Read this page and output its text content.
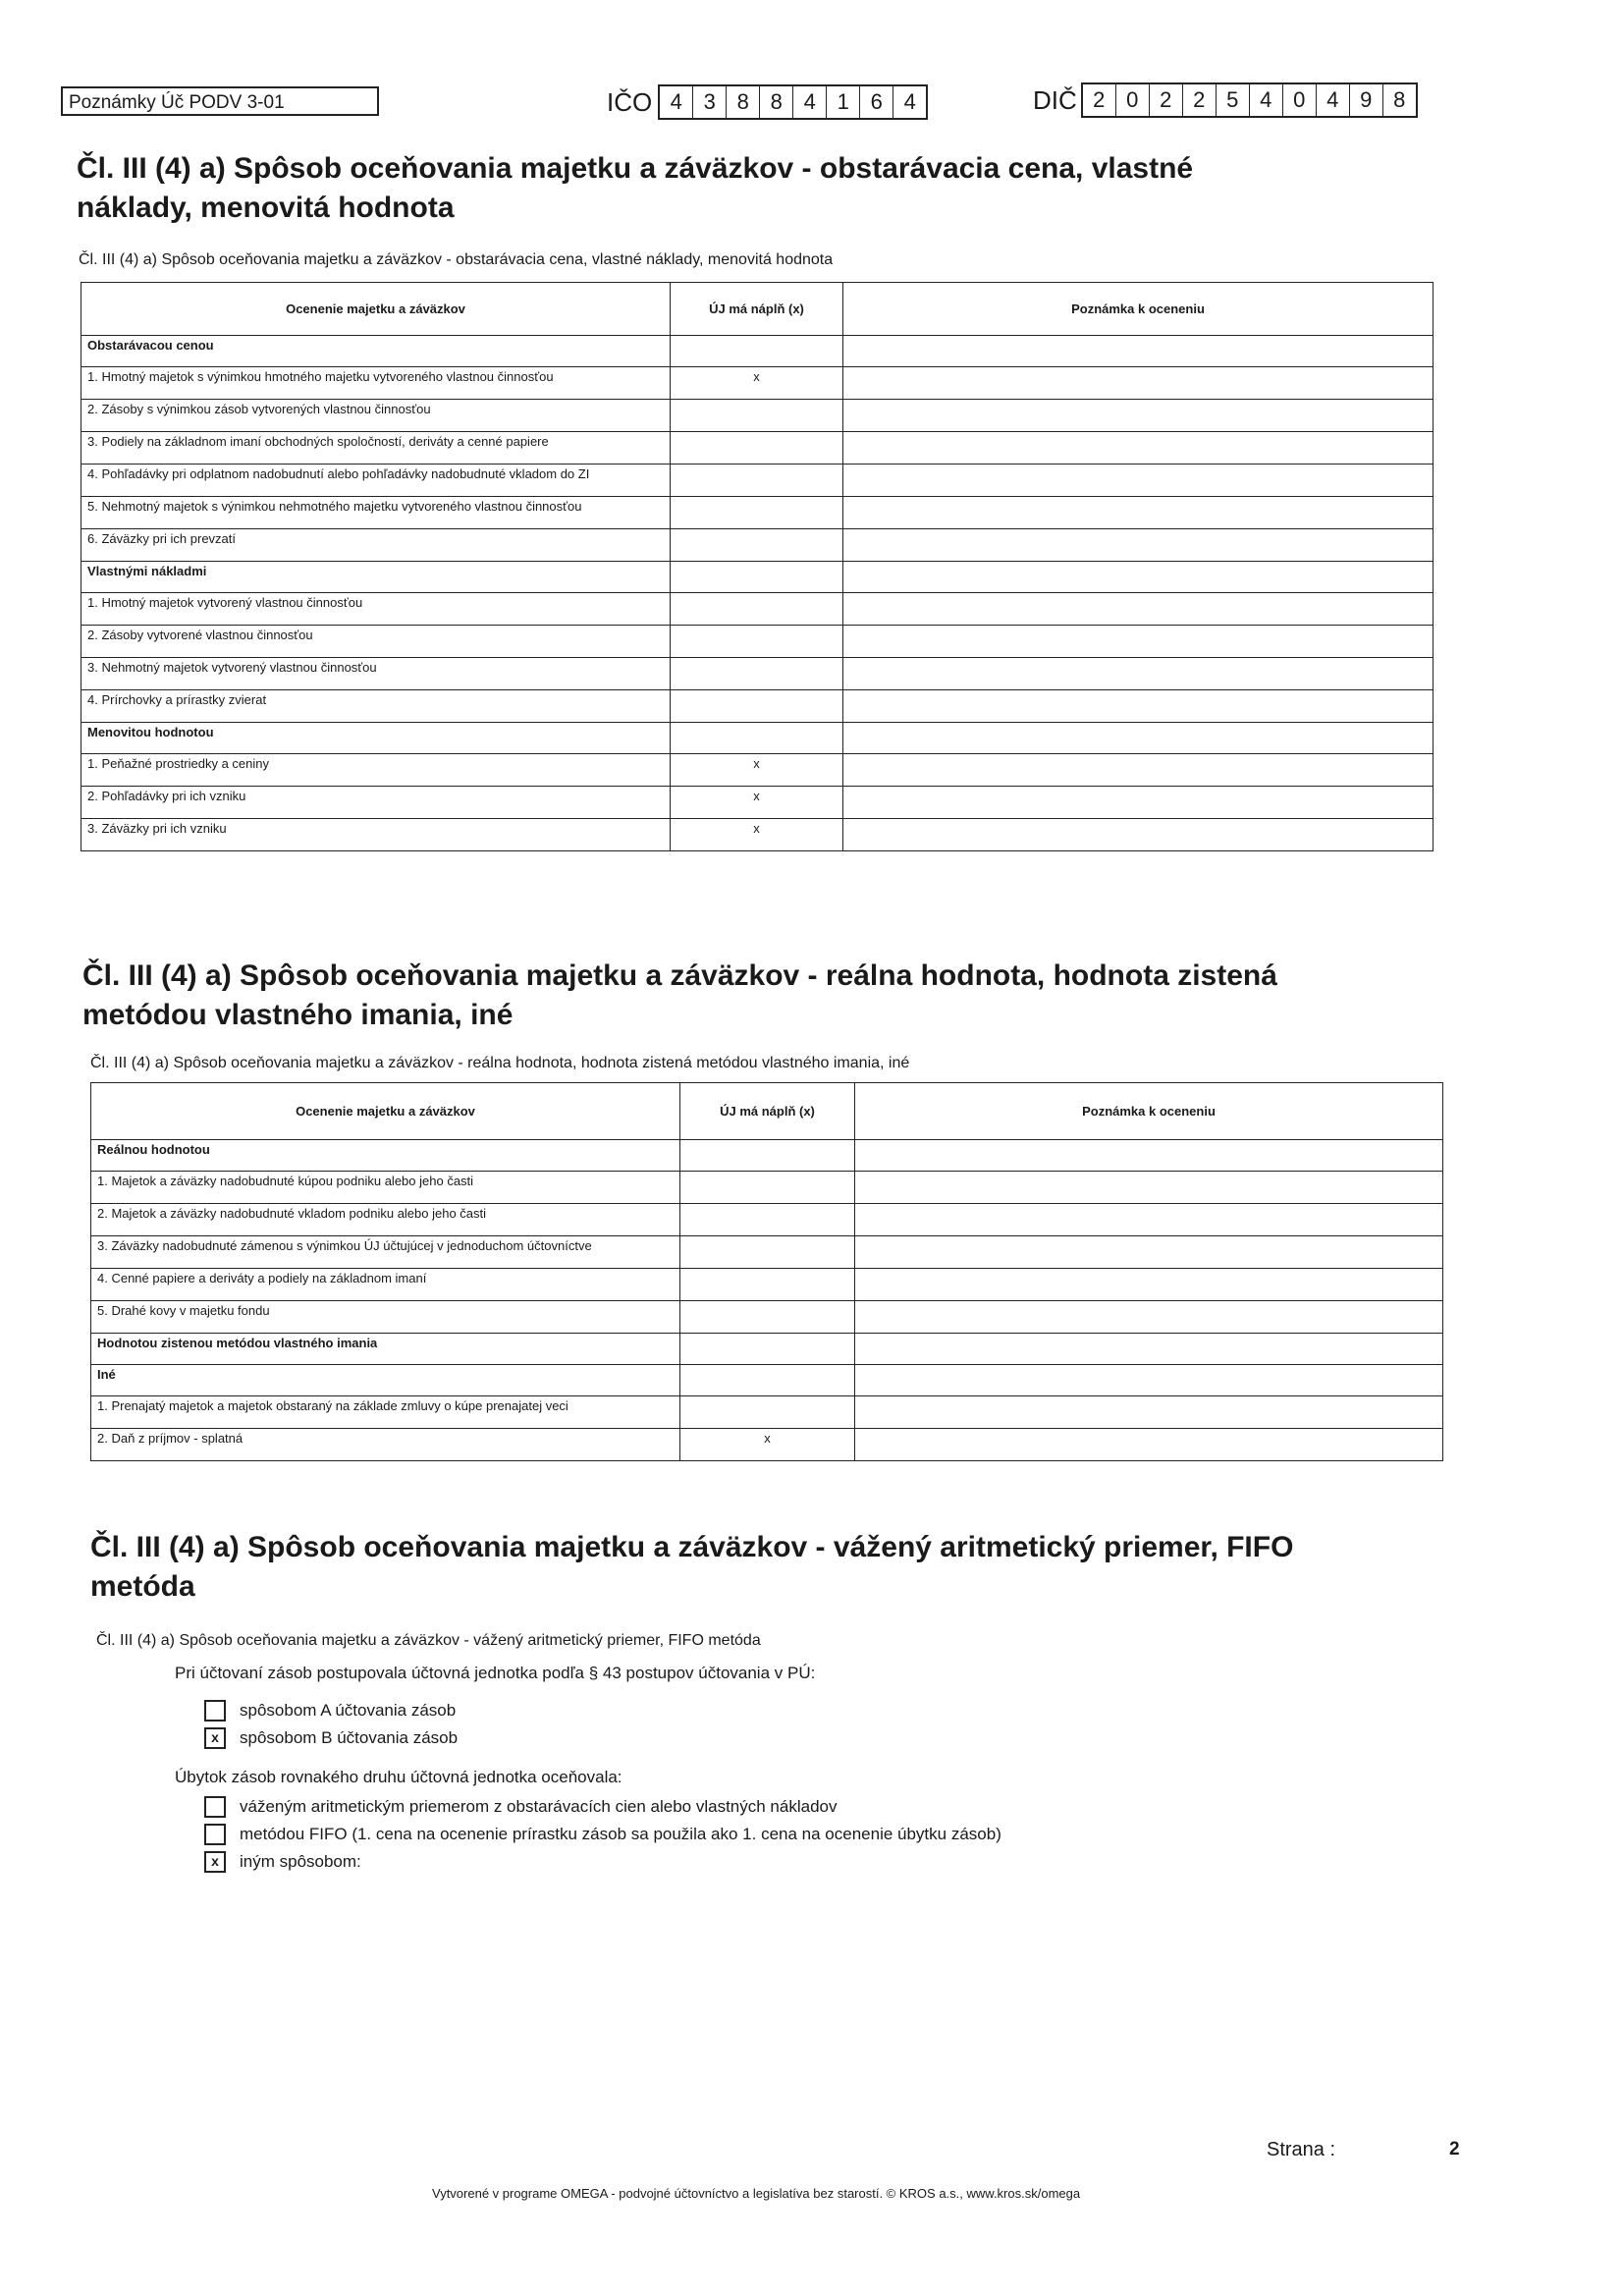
Poznámky Úč PODV 3-01	IČO 4 3 8 8 4 1 6 4	DIČ 2 0 2 2 5 4 0 4 9 8
Čl. III (4) a) Spôsob oceňovania majetku a záväzkov - obstarávacia cena, vlastné náklady, menovitá hodnota
Čl. III (4) a) Spôsob oceňovania majetku a záväzkov - obstarávacia cena, vlastné náklady, menovitá hodnota
Ocenenie majetku a záväzkov	ÚJ má náplň (x)	Poznámka k oceneniu
Obstarávacou cenou		
1. Hmotný majetok s výnimkou hmotného majetku vytvoreného vlastnou činnosťou	x	
2. Zásoby s výnimkou zásob vytvorených vlastnou činnosťou		
3. Podiely na základnom imaní obchodných spoločností, deriváty a cenné papiere		
4. Pohľadávky pri odplatnom nadobudnutí alebo pohľadávky nadobudnuté vkladom do ZI		
5. Nehmotný majetok s výnimkou nehmotného majetku vytvoreného vlastnou činnosťou		
6. Záväzky pri ich prevzatí		
Vlastnými nákladmi		
1. Hmotný majetok vytvorený vlastnou činnosťou		
2. Zásoby vytvorené vlastnou činnosťou		
3. Nehmotný majetok vytvorený vlastnou činnosťou		
4. Prírchovky a prírastky zvierat		
Menovitou hodnotou		
1. Peňažné prostriedky a ceniny	x	
2. Pohľadávky pri ich vzniku	x	
3. Záväzky pri ich vzniku	x	
Čl. III (4) a) Spôsob oceňovania majetku a záväzkov - reálna hodnota, hodnota zistená metódou vlastného imania, iné
Čl. III (4) a) Spôsob oceňovania majetku a záväzkov - reálna hodnota, hodnota zistená metódou vlastného imania, iné
Ocenenie majetku a záväzkov	ÚJ má náplň (x)	Poznámka k oceneniu
Reálnou hodnotou		
1. Majetok a záväzky nadobudnuté kúpou podniku alebo jeho časti		
2. Majetok a záväzky nadobudnuté vkladom podniku alebo jeho časti		
3. Záväzky nadobudnuté zámenou s výnimkou ÚJ účtujúcej v jednoduchom účtovníctve		
4. Cenné papiere a deriváty a podiely na základnom imaní		
5. Drahé kovy v majetku fondu		
Hodnotou zistenou metódou vlastného imania		
Iné		
1. Prenajatý majetok a majetok obstaraný na základe zmluvy o kúpe prenajatej veci		
2. Daň z príjmov - splatná	x	
Čl. III (4) a) Spôsob oceňovania majetku a záväzkov - vážený aritmetický priemer, FIFO metóda
Čl. III (4) a) Spôsob oceňovania majetku a záväzkov - vážený aritmetický priemer, FIFO metóda
Pri účtovaní zásob postupovala účtovná jednotka podľa § 43 postupov účtovania v PÚ:
spôsobom A účtovania zásob
x	spôsobom B účtovania zásob
Úbytok zásob rovnakého druhu účtovná jednotka oceňovala:
váženým aritmetickým priemerom z obstarávacích cien alebo vlastných nákladov
metódou FIFO (1. cena na ocenenie prírastku zásob sa použila ako 1. cena na ocenenie úbytku zásob)
x	iným spôsobom:
Strana :	2
Vytvorené v programe OMEGA - podvojné účtovníctvo a legislatíva bez starostí. © KROS a.s., www.kros.sk/omega
